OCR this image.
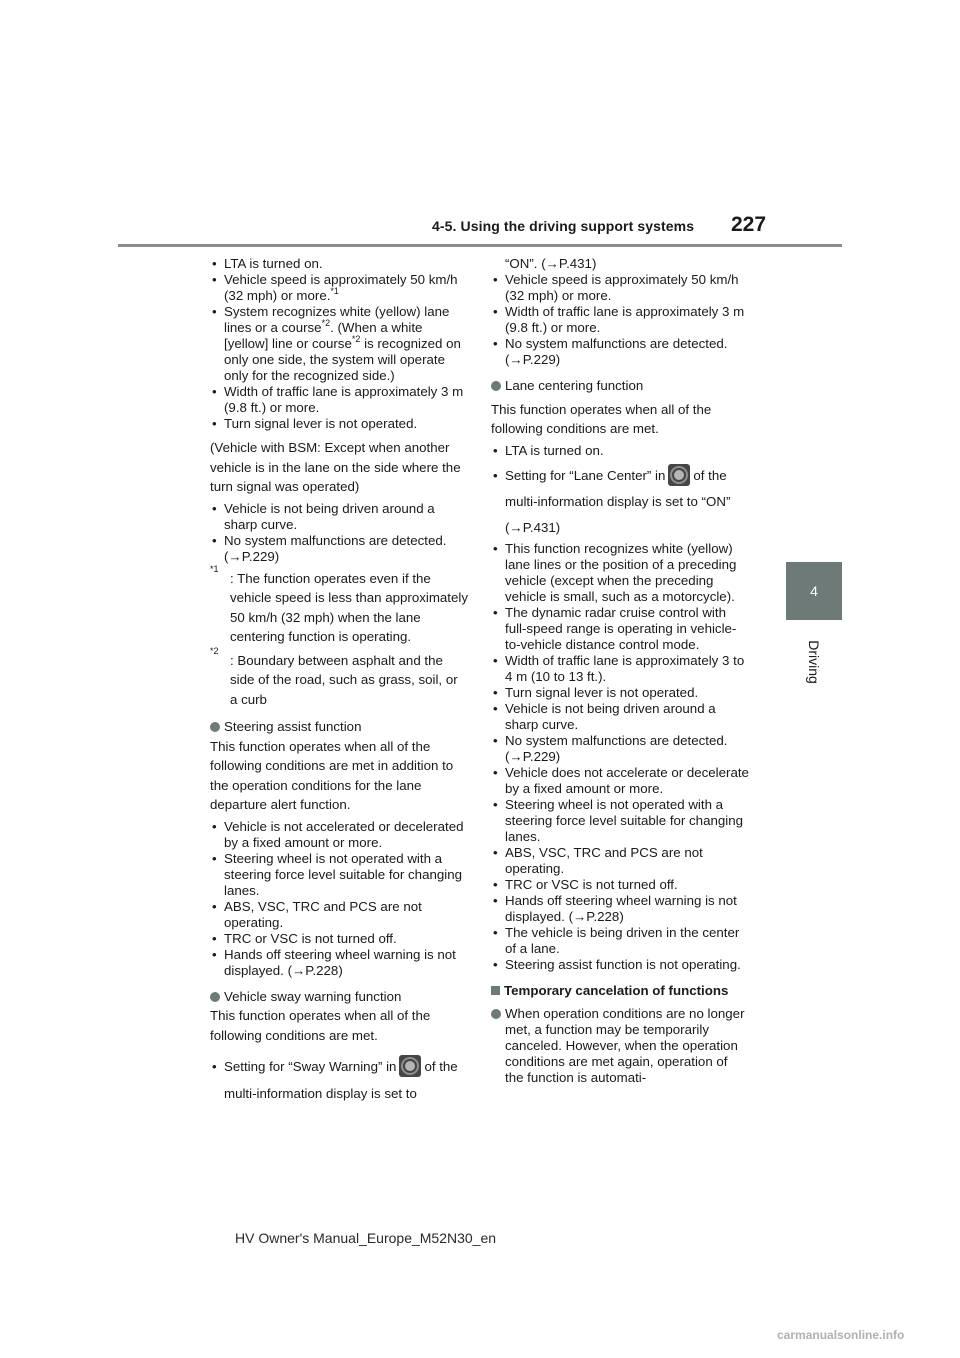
4-5. Using the driving support systems 227
4
Driving

• LTA is turned on.

• Vehicle speed is approximately 50 km/h (32 mph) or more.$^{*1}$

• System recognizes white (yellow) lane lines or a course$^{*2}$. (When a white [yellow] line or course$^{*2}$ is recognized on only one side, the system will operate only for the recognized side.)

• Width of traffic lane is approximately 3 m (9.8 ft.) or more.

• Turn signal lever is not operated.

(Vehicle with BSM: Except when another vehicle is in the lane on the side where the turn signal was operated)

• Vehicle is not being driven around a sharp curve.

• No system malfunctions are detected. (→P.229)

*1
: The function operates even if the vehicle speed is less than approximately 50 km/h (32 mph) when the lane centering function is operating.

*2
: Boundary between asphalt and the side of the road, such as grass, soil, or a curb

Steering assist function

This function operates when all of the following conditions are met in addition to the operation conditions for the lane departure alert function.

• Vehicle is not accelerated or decelerated by a fixed amount or more.

• Steering wheel is not operated with a steering force level suitable for changing lanes.

• ABS, VSC, TRC and PCS are not operating.

• TRC or VSC is not turned off.

• Hands off steering wheel warning is not displayed. (→P.228)

Vehicle sway warning function

This function operates when all of the following conditions are met.

• Setting for “Sway Warning” in of the multi-information display is set to

“ON”. (→P.431)

• Vehicle speed is approximately 50 km/h (32 mph) or more.

• Width of traffic lane is approximately 3 m (9.8 ft.) or more.

• No system malfunctions are detected. (→P.229)

Lane centering function

This function operates when all of the following conditions are met.

• LTA is turned on.

• Setting for “Lane Center” in of the multi-information display is set to “ON” (→P.431)

• This function recognizes white (yellow) lane lines or the position of a preceding vehicle (except when the preceding vehicle is small, such as a motorcycle).

• The dynamic radar cruise control with full-speed range is operating in vehicle-to-vehicle distance control mode.

• Width of traffic lane is approximately 3 to 4 m (10 to 13 ft.).

• Turn signal lever is not operated.

• Vehicle is not being driven around a sharp curve.

• No system malfunctions are detected. (→P.229)

• Vehicle does not accelerate or decelerate by a fixed amount or more.

• Steering wheel is not operated with a steering force level suitable for changing lanes.

• ABS, VSC, TRC and PCS are not operating.

• TRC or VSC is not turned off.

• Hands off steering wheel warning is not displayed. (→P.228)

• The vehicle is being driven in the center of a lane.

• Steering assist function is not operating.

Temporary cancelation of functions

When operation conditions are no longer met, a function may be temporarily canceled. However, when the operation conditions are met again, operation of the function is automati-

HV Owner's Manual_Europe_M52N30_en
carmanualsonline.info
